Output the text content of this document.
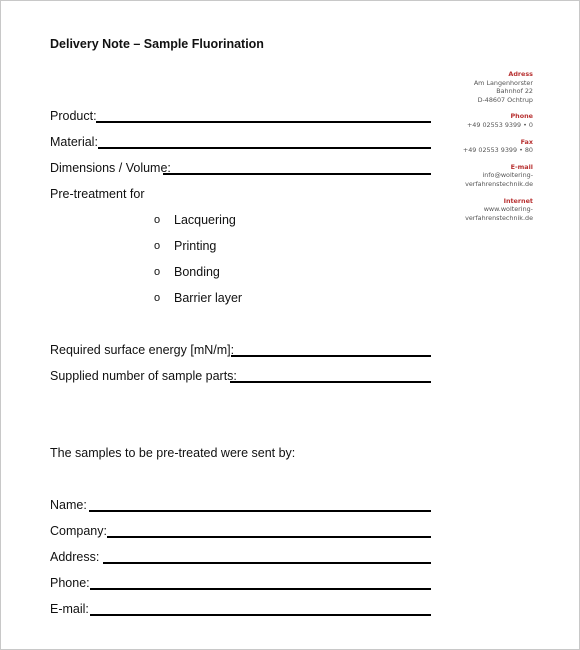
Delivery Note – Sample Fluorination
Product:
Material:
Dimensions / Volume:
Pre-treatment for
o Lacquering
o Printing
o Bonding
o Barrier layer
Required surface energy [mN/m]:
Supplied number of sample parts:
The samples to be pre-treated were sent by:
Name:
Company:
Address:
Phone:
E-mail:
Adress
Am Langenhorster
Bahnhof 22
D-48607 Ochtrup
Phone
+49 02553 9399 • 0
Fax
+49 02553 9399 • 80
E-mail
info@woltering-
verfahrenstechnik.de
Internet
www.woltering-
verfahrenstechnik.de
